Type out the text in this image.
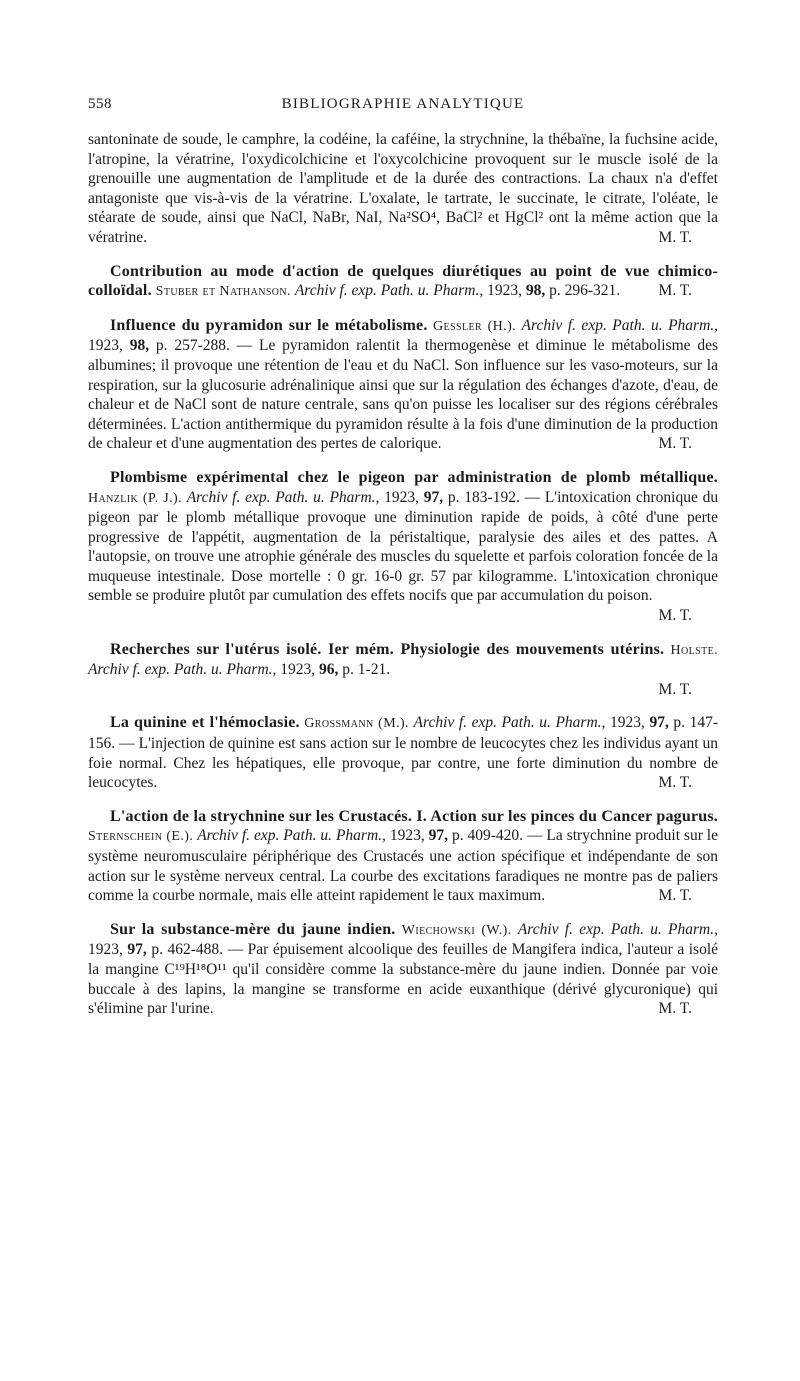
558	BIBLIOGRAPHIE ANALYTIQUE

santoninate de soude, le camphre, la codéine, la caféine, la strychnine, la thébaïne, la fuchsine acide, l'atropine, la vératrine, l'oxydicolchicine et l'oxycolchicine provoquent sur le muscle isolé de la grenouille une augmentation de l'amplitude et de la durée des contractions. La chaux n'a d'effet antagoniste que vis-à-vis de la vératrine. L'oxalate, le tartrate, le succinate, le citrate, l'oléate, le stéarate de soude, ainsi que NaCl, NaBr, NaI, Na²SO⁴, BaCl² et HgCl² ont la même action que la vératrine.	M. T.

Contribution au mode d'action de quelques diurétiques au point de vue chimico-colloïdal. Stuber et Nathanson. Archiv f. exp. Path. u. Pharm., 1923, 98, p. 296-321.	M. T.
Influence du pyramidon sur le métabolisme. Gessler (H.). Archiv f. exp. Path. u. Pharm., 1923, 98, p. 257-288. — Le pyramidon ralentit la thermogenèse et diminue le métabolisme des albumines; il provoque une rétention de l'eau et du NaCl. Son influence sur les vaso-moteurs, sur la respiration, sur la glucosurie adrénalinique ainsi que sur la régulation des échanges d'azote, d'eau, de chaleur et de NaCl sont de nature centrale, sans qu'on puisse les localiser sur des régions cérébrales déterminées. L'action antithermique du pyramidon résulte à la fois d'une diminution de la production de chaleur et d'une augmentation des pertes de calorique.	M. T.
Plombisme expérimental chez le pigeon par administration de plomb métallique. Hanzlik (P. J.). Archiv f. exp. Path. u. Pharm., 1923, 97, p. 183-192. — L'intoxication chronique du pigeon par le plomb métallique provoque une diminution rapide de poids, à côté d'une perte progressive de l'appétit, augmentation de la péristaltique, paralysie des ailes et des pattes. A l'autopsie, on trouve une atrophie générale des muscles du squelette et parfois coloration foncée de la muqueuse intestinale. Dose mortelle : 0 gr. 16-0 gr. 57 par kilogramme. L'intoxication chronique semble se produire plutôt par cumulation des effets nocifs que par accumulation du poison.
M. T.
Recherches sur l'utérus isolé. Ier mém. Physiologie des mouvements utérins. Holste. Archiv f. exp. Path. u. Pharm., 1923, 96, p. 1-21.
M. T.
La quinine et l'hémoclasie. Grossmann (M.). Archiv f. exp. Path. u. Pharm., 1923, 97, p. 147-156. — L'injection de quinine est sans action sur le nombre de leucocytes chez les individus ayant un foie normal. Chez les hépatiques, elle provoque, par contre, une forte diminution du nombre de leucocytes.	M. T.
L'action de la strychnine sur les Crustacés. I. Action sur les pinces du Cancer pagurus. Sternschein (E.). Archiv f. exp. Path. u. Pharm., 1923, 97, p. 409-420. — La strychnine produit sur le système neuromusculaire périphérique des Crustacés une action spécifique et indépendante de son action sur le système nerveux central. La courbe des excitations faradiques ne montre pas de paliers comme la courbe normale, mais elle atteint rapidement le taux maximum.	M. T.
Sur la substance-mère du jaune indien. Wiechowski (W.). Archiv f. exp. Path. u. Pharm., 1923, 97, p. 462-488. — Par épuisement alcoolique des feuilles de Mangifera indica, l'auteur a isolé la mangine C¹⁹H¹⁸O¹¹ qu'il considère comme la substance-mère du jaune indien. Donnée par voie buccale à des lapins, la mangine se transforme en acide euxanthique (dérivé glycuronique) qui s'élimine par l'urine.	M. T.
